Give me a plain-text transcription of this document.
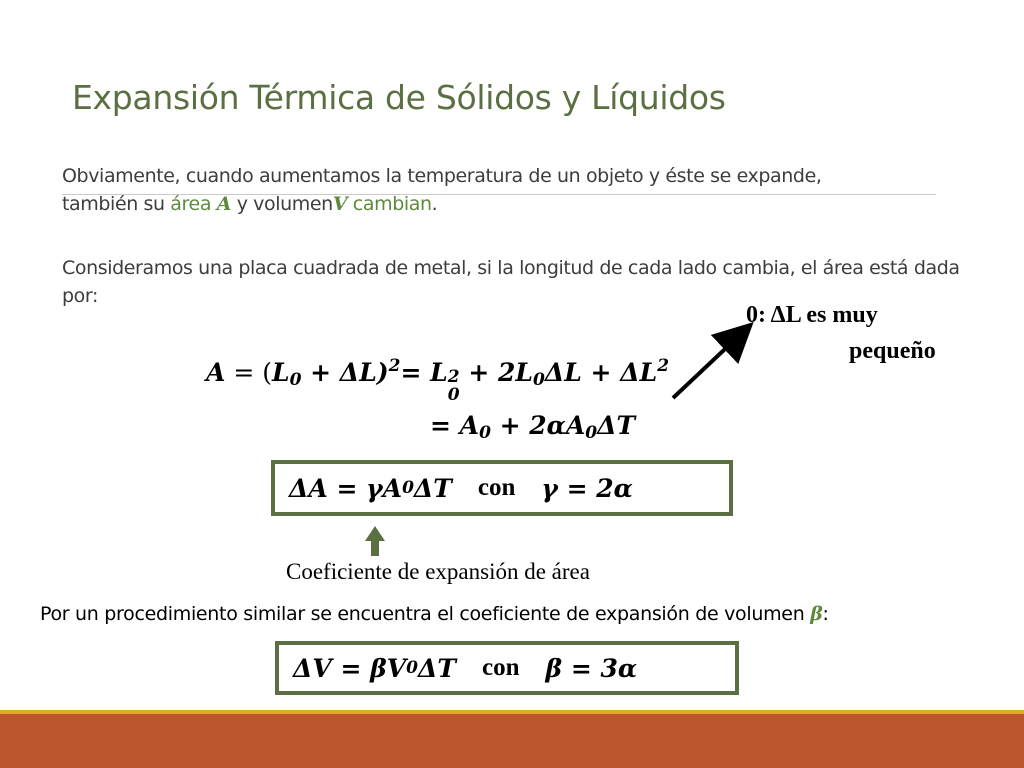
Expansión Térmica de Sólidos y Líquidos
Obviamente, cuando aumentamos la temperatura de un objeto y éste se expande,
también su área A y volumenV cambian.
Consideramos una placa cuadrada de metal, si la longitud de cada lado cambia, el área está dada por:
0: ΔL es muy
pequeño
$A = (L_0 + \Delta L)^2= L$ 2
0
+ $2L_0\Delta L + \Delta L^2$
= $A_0 + 2\alpha A_0\Delta T$
ΔA = γA 0 ΔT con γ = 2α
Coeficiente de expansión de área
Por un procedimiento similar se encuentra el coeficiente de expansión de volumen β:
ΔV = βV 0 ΔT con β = 3α
